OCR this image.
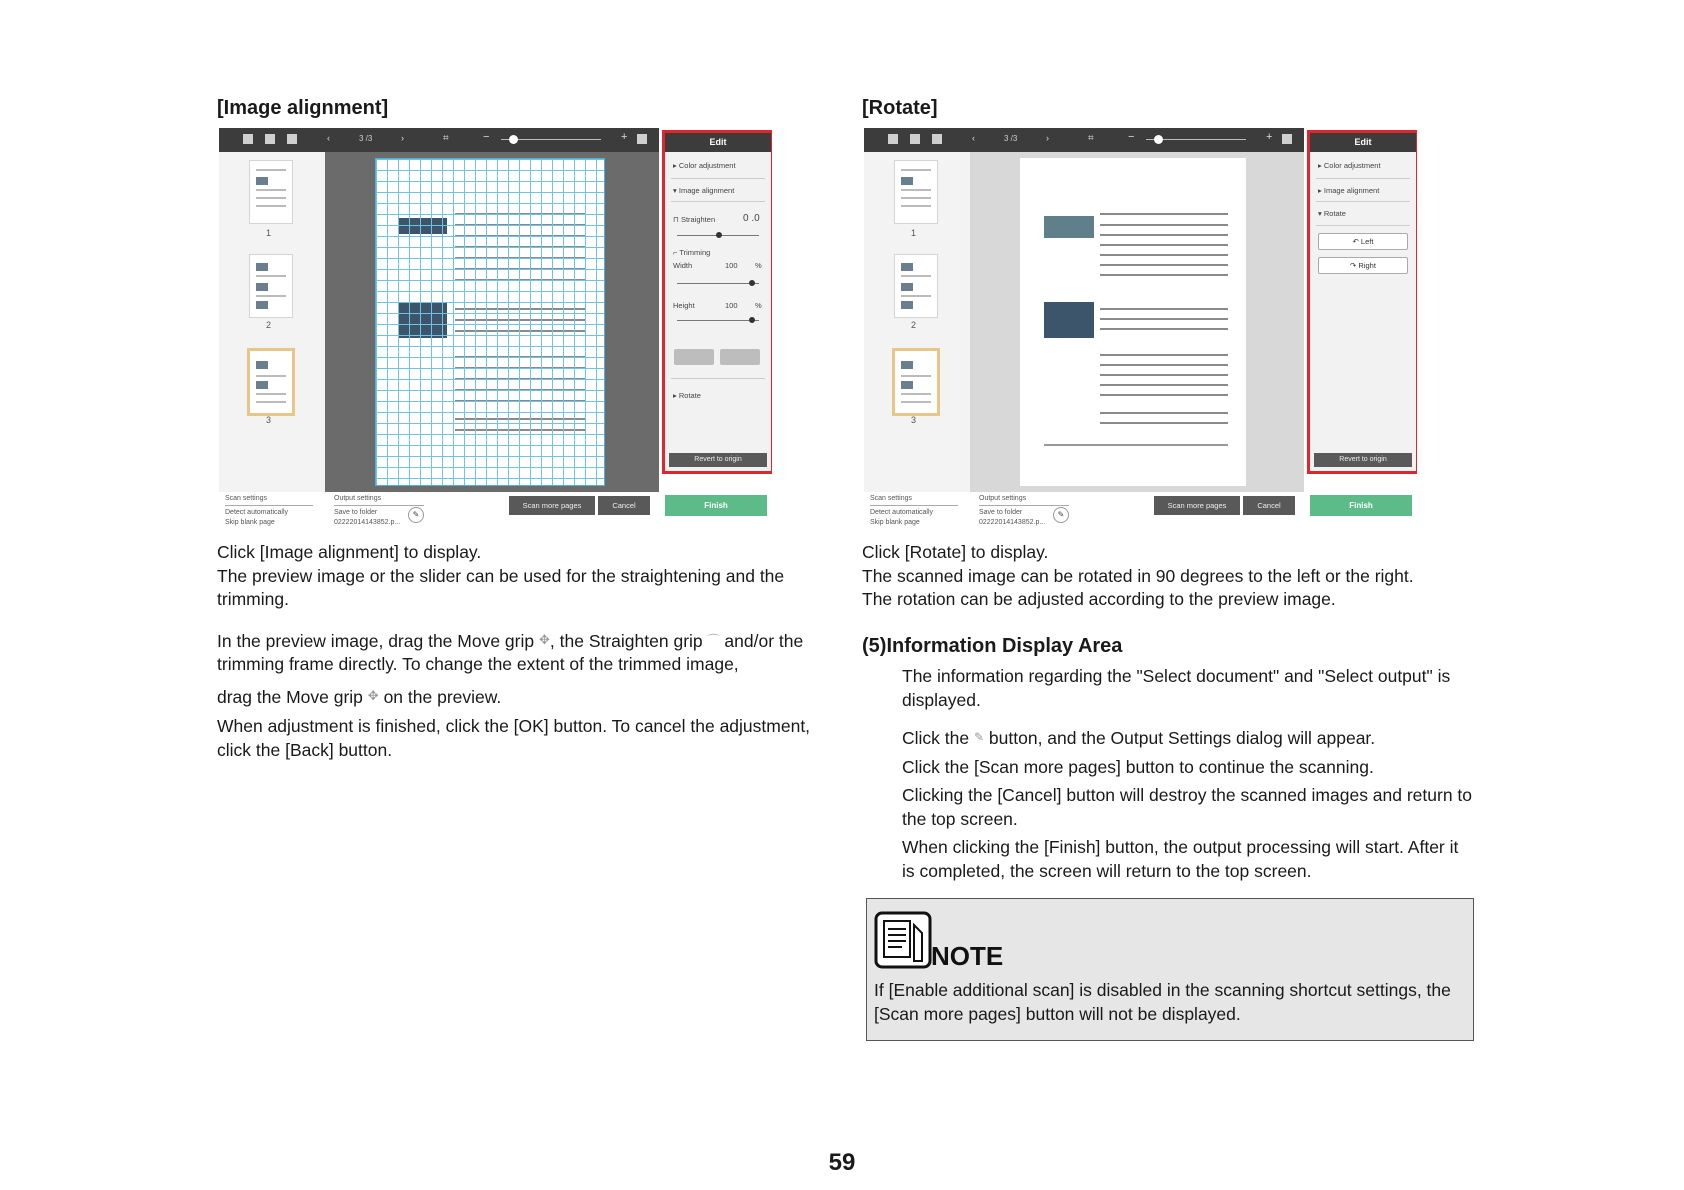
[Image alignment]
‹	3 /3	›	⌗	−	+
1
2
3
Edit
▸ Color adjustment
▾ Image alignment
⊓ Straighten	0 .0
⌐ Trimming
Width	100 %
Height	100 %
▸ Rotate
Revert to origin
Scan settings
Detect automatically
Skip blank page
Output settings
Save to folder
02222014143852.p...
✎
Scan more pages	Cancel	Finish

Click [Image alignment] to display.

The preview image or the slider can be used for the straightening and the trimming.

In the preview image, drag the Move grip ✥, the Straighten grip ⌒ and/or the trimming frame directly. To change the extent of the trimmed image,

drag the Move grip ✥ on the preview.

When adjustment is finished, click the [OK] button. To cancel the adjustment, click the [Back] button.

[Rotate]
‹	3 /3	›	⌗	−	+
1
2
3
Edit
▸ Color adjustment
▸ Image alignment
▾ Rotate
↶ Left
↷ Right
Revert to origin
Scan settings
Detect automatically
Skip blank page
Output settings
Save to folder
02222014143852.p...
✎
Scan more pages	Cancel	Finish

Click [Rotate] to display.

The scanned image can be rotated in 90 degrees to the left or the right.

The rotation can be adjusted according to the preview image.

(5)Information Display Area

The information regarding the "Select document" and "Select output" is displayed.

Click the ✎ button, and the Output Settings dialog will appear.

Click the [Scan more pages] button to continue the scanning.

Clicking the [Cancel] button will destroy the scanned images and return to the top screen.

When clicking the [Finish] button, the output processing will start. After it is completed, the screen will return to the top screen.

NOTE

If [Enable additional scan] is disabled in the scanning shortcut settings, the [Scan more pages] button will not be displayed.

59
